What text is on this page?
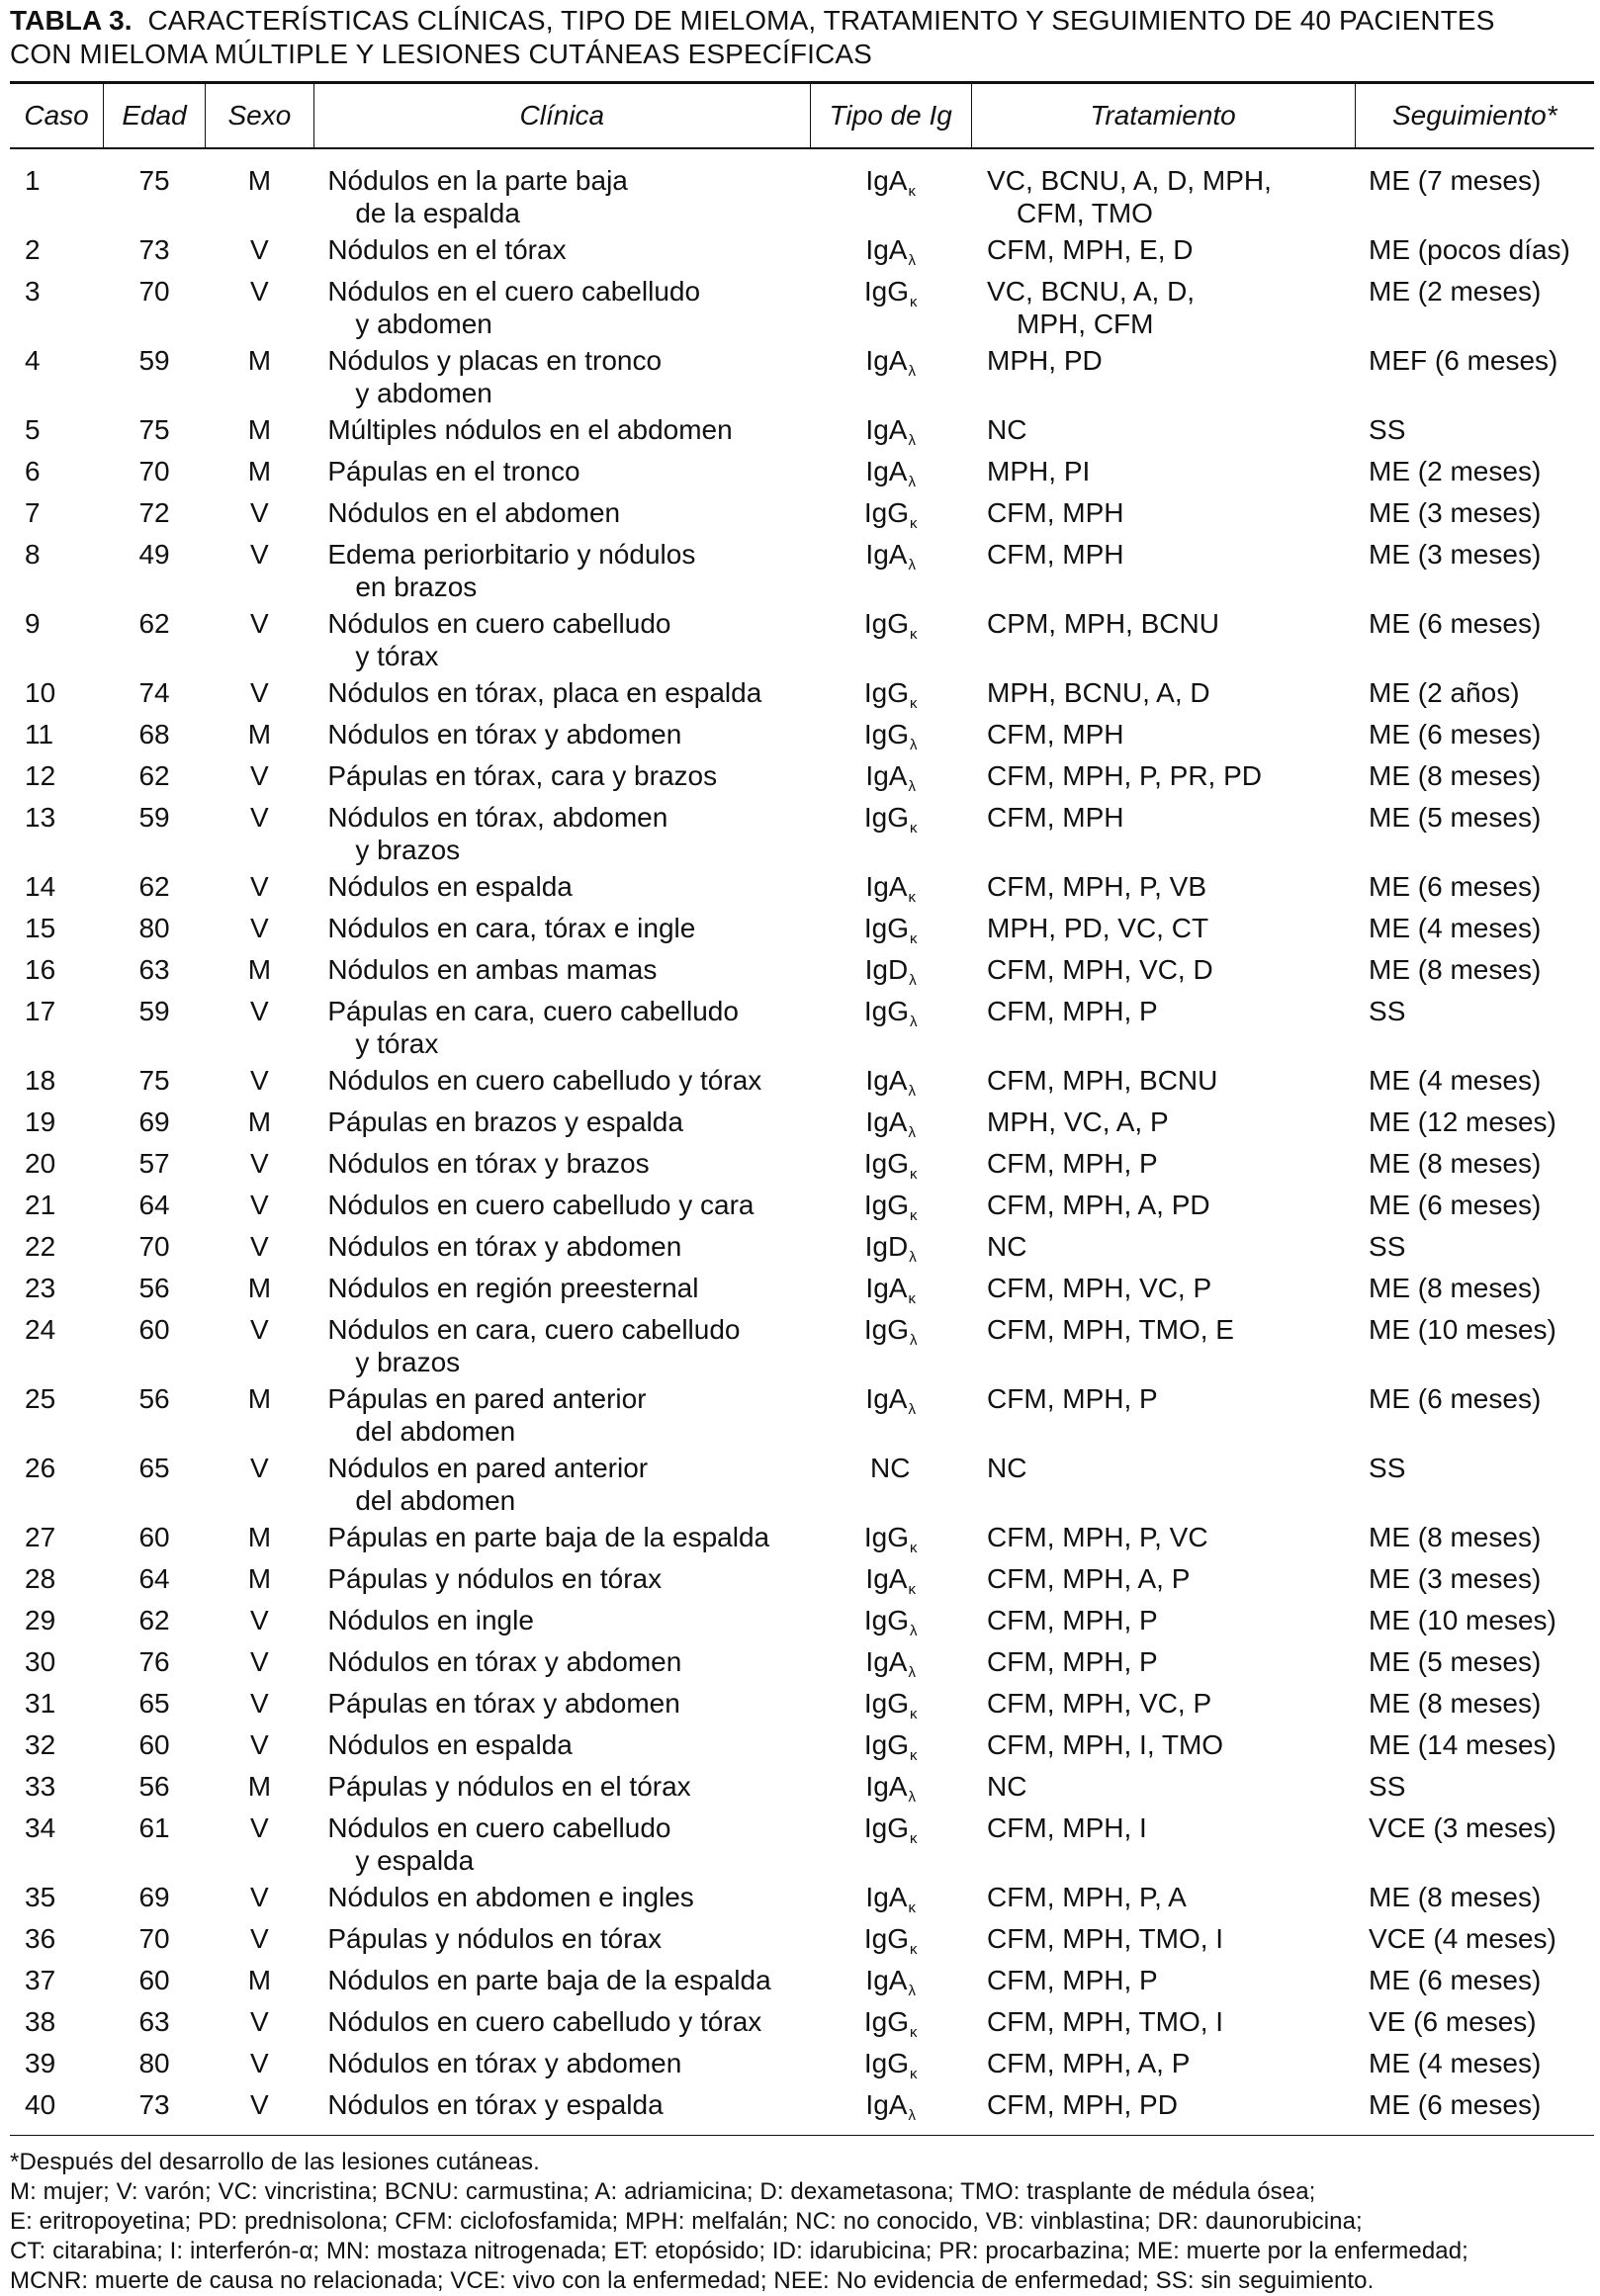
TABLA 3. CARACTERÍSTICAS CLÍNICAS, TIPO DE MIELOMA, TRATAMIENTO Y SEGUIMIENTO DE 40 PACIENTES
CON MIELOMA MÚLTIPLE Y LESIONES CUTÁNEAS ESPECÍFICAS
Caso	Edad	Sexo	Clínica	Tipo de Ig	Tratamiento	Seguimiento*

1	75	M	Nódulos en la parte baja
de la espalda	IgA$_\kappa$	VC, BCNU, A, D, MPH,
CFM, TMO	ME (7 meses)
2	73	V	Nódulos en el tórax	IgA$_\lambda$	CFM, MPH, E, D	ME (pocos días)
3	70	V	Nódulos en el cuero cabelludo
y abdomen	IgG$_\kappa$	VC, BCNU, A, D,
MPH, CFM	ME (2 meses)
4	59	M	Nódulos y placas en tronco
y abdomen	IgA$_\lambda$	MPH, PD	MEF (6 meses)
5	75	M	Múltiples nódulos en el abdomen	IgA$_\lambda$	NC	SS
6	70	M	Pápulas en el tronco	IgA$_\lambda$	MPH, PI	ME (2 meses)
7	72	V	Nódulos en el abdomen	IgG$_\kappa$	CFM, MPH	ME (3 meses)
8	49	V	Edema periorbitario y nódulos
en brazos	IgA$_\lambda$	CFM, MPH	ME (3 meses)
9	62	V	Nódulos en cuero cabelludo
y tórax	IgG$_\kappa$	CPM, MPH, BCNU	ME (6 meses)
10	74	V	Nódulos en tórax, placa en espalda	IgG$_\kappa$	MPH, BCNU, A, D	ME (2 años)
11	68	M	Nódulos en tórax y abdomen	IgG$_\lambda$	CFM, MPH	ME (6 meses)
12	62	V	Pápulas en tórax, cara y brazos	IgA$_\lambda$	CFM, MPH, P, PR, PD	ME (8 meses)
13	59	V	Nódulos en tórax, abdomen
y brazos	IgG$_\kappa$	CFM, MPH	ME (5 meses)
14	62	V	Nódulos en espalda	IgA$_\kappa$	CFM, MPH, P, VB	ME (6 meses)
15	80	V	Nódulos en cara, tórax e ingle	IgG$_\kappa$	MPH, PD, VC, CT	ME (4 meses)
16	63	M	Nódulos en ambas mamas	IgD$_\lambda$	CFM, MPH, VC, D	ME (8 meses)
17	59	V	Pápulas en cara, cuero cabelludo
y tórax	IgG$_\lambda$	CFM, MPH, P	SS
18	75	V	Nódulos en cuero cabelludo y tórax	IgA$_\lambda$	CFM, MPH, BCNU	ME (4 meses)
19	69	M	Pápulas en brazos y espalda	IgA$_\lambda$	MPH, VC, A, P	ME (12 meses)
20	57	V	Nódulos en tórax y brazos	IgG$_\kappa$	CFM, MPH, P	ME (8 meses)
21	64	V	Nódulos en cuero cabelludo y cara	IgG$_\kappa$	CFM, MPH, A, PD	ME (6 meses)
22	70	V	Nódulos en tórax y abdomen	IgD$_\lambda$	NC	SS
23	56	M	Nódulos en región preesternal	IgA$_\kappa$	CFM, MPH, VC, P	ME (8 meses)
24	60	V	Nódulos en cara, cuero cabelludo
y brazos	IgG$_\lambda$	CFM, MPH, TMO, E	ME (10 meses)
25	56	M	Pápulas en pared anterior
del abdomen	IgA$_\lambda$	CFM, MPH, P	ME (6 meses)
26	65	V	Nódulos en pared anterior
del abdomen	NC	NC	SS
27	60	M	Pápulas en parte baja de la espalda	IgG$_\kappa$	CFM, MPH, P, VC	ME (8 meses)
28	64	M	Pápulas y nódulos en tórax	IgA$_\kappa$	CFM, MPH, A, P	ME (3 meses)
29	62	V	Nódulos en ingle	IgG$_\lambda$	CFM, MPH, P	ME (10 meses)
30	76	V	Nódulos en tórax y abdomen	IgA$_\lambda$	CFM, MPH, P	ME (5 meses)
31	65	V	Pápulas en tórax y abdomen	IgG$_\kappa$	CFM, MPH, VC, P	ME (8 meses)
32	60	V	Nódulos en espalda	IgG$_\kappa$	CFM, MPH, I, TMO	ME (14 meses)
33	56	M	Pápulas y nódulos en el tórax	IgA$_\lambda$	NC	SS
34	61	V	Nódulos en cuero cabelludo
y espalda	IgG$_\kappa$	CFM, MPH, I	VCE (3 meses)
35	69	V	Nódulos en abdomen e ingles	IgA$_\kappa$	CFM, MPH, P, A	ME (8 meses)
36	70	V	Pápulas y nódulos en tórax	IgG$_\kappa$	CFM, MPH, TMO, I	VCE (4 meses)
37	60	M	Nódulos en parte baja de la espalda	IgA$_\lambda$	CFM, MPH, P	ME (6 meses)
38	63	V	Nódulos en cuero cabelludo y tórax	IgG$_\kappa$	CFM, MPH, TMO, I	VE (6 meses)
39	80	V	Nódulos en tórax y abdomen	IgG$_\kappa$	CFM, MPH, A, P	ME (4 meses)
40	73	V	Nódulos en tórax y espalda	IgA$_\lambda$	CFM, MPH, PD	ME (6 meses)
*Después del desarrollo de las lesiones cutáneas.
M: mujer; V: varón; VC: vincristina; BCNU: carmustina; A: adriamicina; D: dexametasona; TMO: trasplante de médula ósea;
E: eritropoyetina; PD: prednisolona; CFM: ciclofosfamida; MPH: melfalán; NC: no conocido, VB: vinblastina; DR: daunorubicina;
CT: citarabina; I: interferón-α; MN: mostaza nitrogenada; ET: etopósido; ID: idarubicina; PR: procarbazina; ME: muerte por la enfermedad;
MCNR: muerte de causa no relacionada; VCE: vivo con la enfermedad; NEE: No evidencia de enfermedad; SS: sin seguimiento.
